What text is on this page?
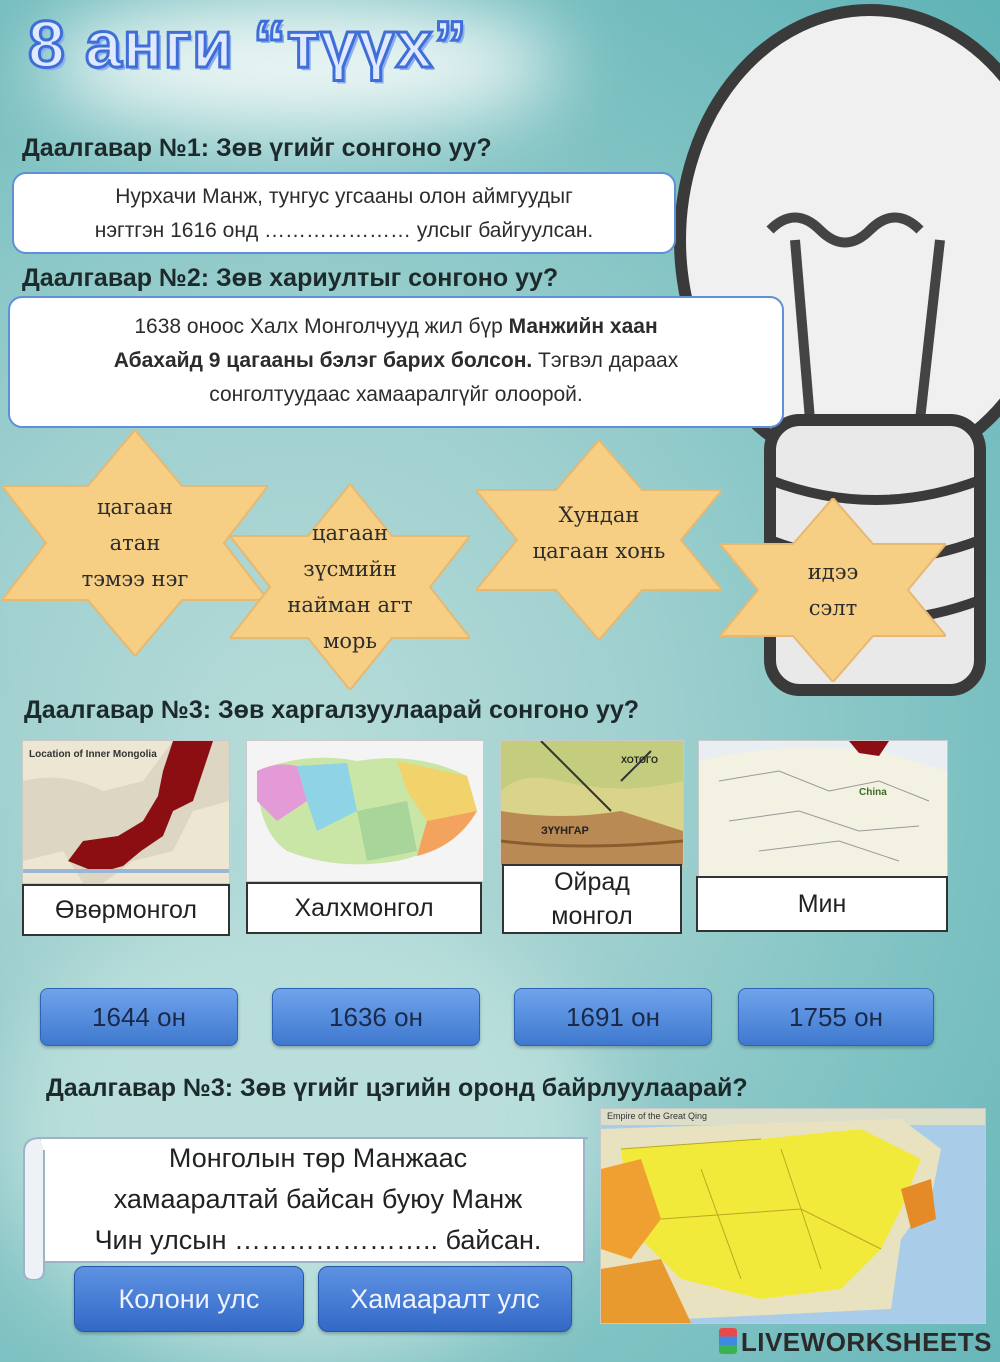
8 анги “түүх”
Даалгавар №1: Зөв үгийг сонгоно уу?
Нурхачи Манж, тунгус угсааны олон аймгуудыг
нэгтгэн 1616 онд ………………… улсыг байгуулсан.
Даалгавар №2: Зөв хариултыг сонгоно уу?
1638 оноос Халх Монголчууд жил бүр Манжийн хаан
Абахайд 9 цагааны бэлэг барих болсон. Тэгвэл дараах
сонголтуудаас хамааралгүйг олоорой.
цагаан
атан
тэмээ нэг
цагаан
зүсмийн
найман агт
морь
Хундан
цагаан хонь
идээ
сэлт
Даалгавар №3: Зөв харгалзуулаарай сонгоно уу?
Location of Inner Mongolia
Өвөрмонгол	Халхмонгол
ЗҮҮНГАР
ХОТОГО
Ойрад
монгол
China
Мин
1644 он	1636 он	1691 он	1755 он
Даалгавар №3: Зөв үгийг цэгийн оронд байрлуулаарай?
Монголын төр Манжаас
хамааралтай байсан буюу Манж
Чин улсын ………………….. байсан.
Колони улс	Хамааралт улс
Empire of the Great Qing
LIVEWORKSHEETS
